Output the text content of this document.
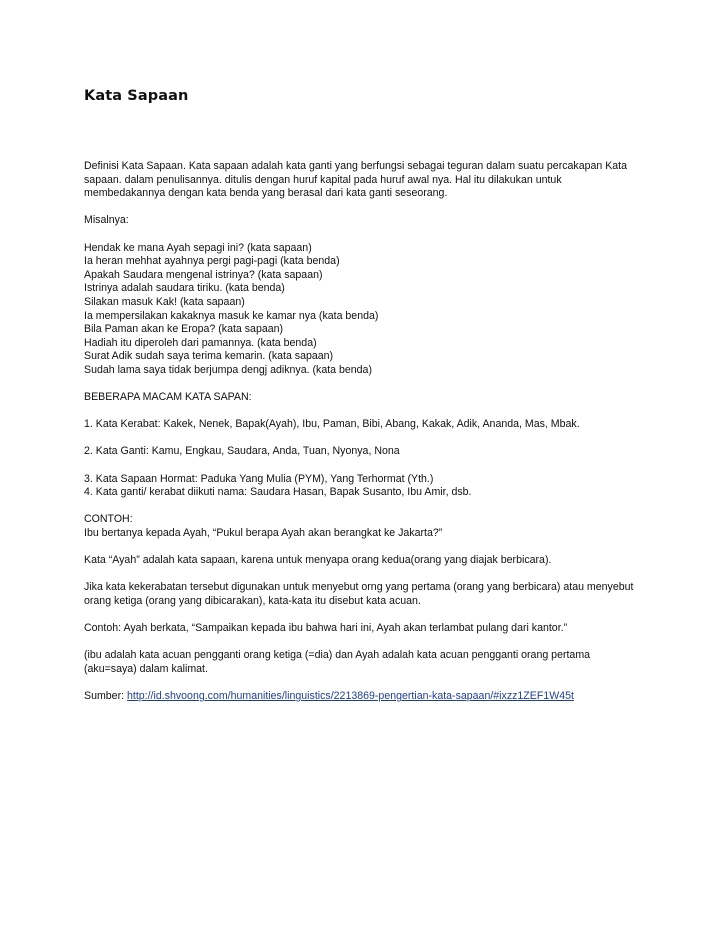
Kata Sapaan

Definisi Kata Sapaan. Kata sapaan adalah kata ganti yang berfungsi sebagai teguran dalam suatu percakapan Kata
sapaan. dalam penulisannya. ditulis dengan huruf kapital pada huruf awal nya. Hal itu dilakukan untuk
membedakannya dengan kata benda yang berasal dari kata ganti seseorang.

Misalnya:

Hendak ke mana Ayah sepagi ini? (kata sapaan)
Ia heran mehhat ayahnya pergi pagi-pagi (kata benda)
Apakah Saudara mengenal istrinya? (kata sapaan)
Istrinya adalah saudara tiriku. (kata benda)
Silakan masuk Kak! (kata sapaan)
Ia mempersilakan kakaknya masuk ke kamar nya (kata benda)
Bila Paman akan ke Eropa? (kata sapaan)
Hadiah itu diperoleh dari pamannya. (kata benda)
Surat Adik sudah saya terima kemarin. (kata sapaan)
Sudah lama saya tidak berjumpa dengj adiknya. (kata benda)

BEBERAPA MACAM KATA SAPAN:

1. Kata Kerabat: Kakek, Nenek, Bapak(Ayah), Ibu, Paman, Bibi, Abang, Kakak, Adik, Ananda, Mas, Mbak.

2. Kata Ganti: Kamu, Engkau, Saudara, Anda, Tuan, Nyonya, Nona

3. Kata Sapaan Hormat: Paduka Yang Mulia (PYM), Yang Terhormat (Yth.)
4. Kata ganti/ kerabat diikuti nama: Saudara Hasan, Bapak Susanto, Ibu Amir, dsb.

CONTOH:
Ibu bertanya kepada Ayah, “Pukul berapa Ayah akan berangkat ke Jakarta?”

Kata “Ayah” adalah kata sapaan, karena untuk menyapa orang kedua(orang yang diajak berbicara).

Jika kata kekerabatan tersebut digunakan untuk menyebut orng yang pertama (orang yang berbicara) atau menyebut
orang ketiga (orang yang dibicarakan), kata-kata itu disebut kata acuan.

Contoh: Ayah berkata, “Sampaikan kepada ibu bahwa hari ini, Ayah akan terlambat pulang dari kantor.”

(ibu adalah kata acuan pengganti orang ketiga (=dia) dan Ayah adalah kata acuan pengganti orang pertama
(aku=saya) dalam kalimat.

Sumber: http://id.shvoong.com/humanities/linguistics/2213869-pengertian-kata-sapaan/#ixzz1ZEF1W45t
